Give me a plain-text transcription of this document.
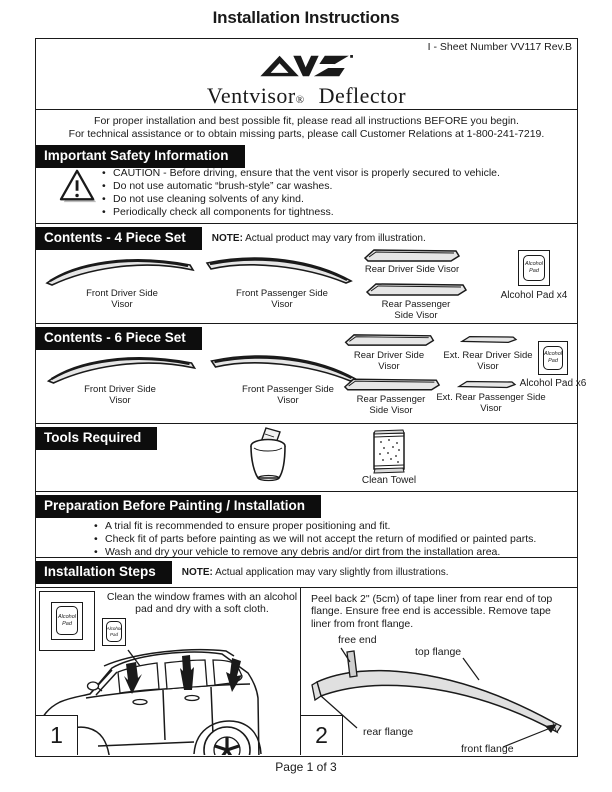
Installation Instructions
I - Sheet Number VV117 Rev.B
Ventvisor® Deflector
For proper installation and best possible fit, please read all instructions BEFORE you begin.
For technical assistance or to obtain missing parts, please call Customer Relations at 1-800-241-7219.
Important Safety Information
• CAUTION - Before driving, ensure that the vent visor is properly secured to vehicle.
• Do not use automatic “brush-style” car washes.
• Do not use cleaning solvents of any kind.
• Periodically check all components for tightness.
Contents - 4 Piece Set	NOTE: Actual product may vary from illustration.
Front Driver Side Visor
Front Passenger Side Visor
Rear Driver Side Visor
Rear Passenger Side Visor
Alcohol Pad
Alcohol Pad x4
Contents - 6 Piece Set
Front Driver Side Visor
Front Passenger Side Visor
Rear Driver Side Visor
Ext. Rear Driver Side Visor
Rear Passenger Side Visor
Ext. Rear Passenger Side Visor
Alcohol Pad
Alcohol Pad x6
Tools Required
Clean Towel
Preparation Before Painting / Installation
• A trial fit is recommended to ensure proper positioning and fit.
• Check fit of parts before painting as we will not accept the return of modified or painted parts.
• Wash and dry your vehicle to remove any debris and/or dirt from the installation area.
Installation Steps	NOTE: Actual application may vary slightly from illustrations.
Alcohol Pad
Clean the window frames with an alcohol pad and dry with a soft cloth.
Alcohol Pad
1
Peel back 2" (5cm) of tape liner from rear end of top flange. Ensure free end is accessible. Remove tape liner from front flange.
free end
top flange
rear flange
front flange
2
Page 1 of 3
